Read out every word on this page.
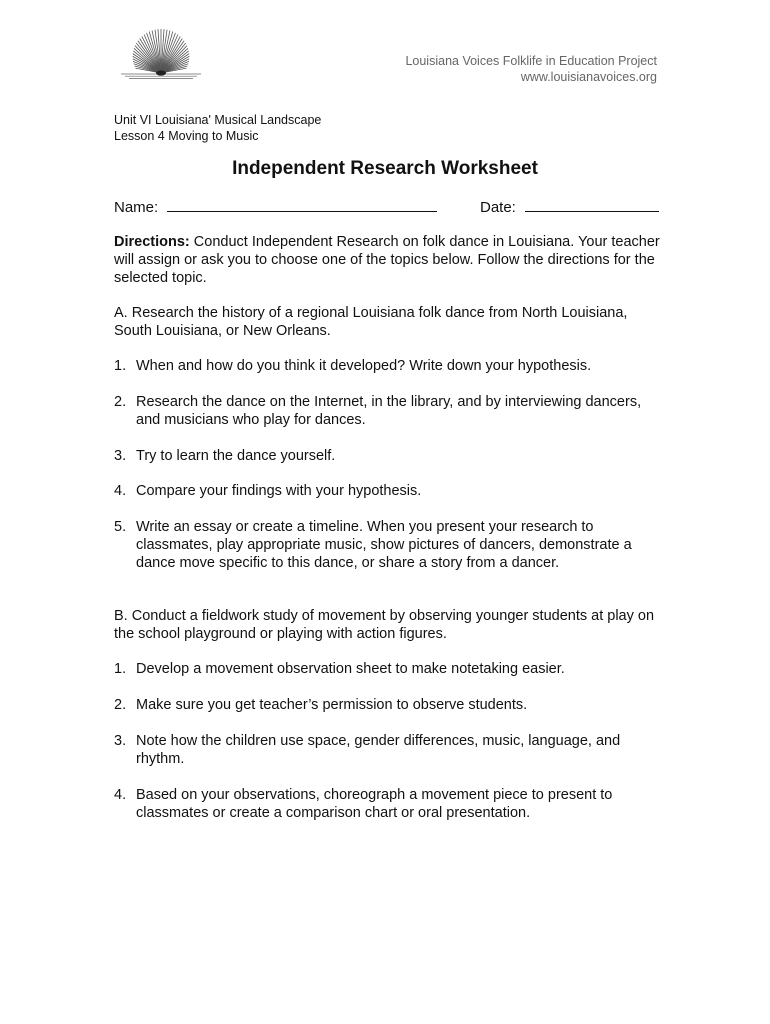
Louisiana Voices Folklife in Education Project
www.louisianavoices.org
Unit VI Louisiana' Musical Landscape
Lesson 4 Moving to Music
Independent Research Worksheet
Name:	Date:

Directions: Conduct Independent Research on folk dance in Louisiana. Your teacher will assign or ask you to choose one of the topics below. Follow the directions for the selected topic.

A. Research the history of a regional Louisiana folk dance from North Louisiana, South Louisiana, or New Orleans.

1. When and how do you think it developed? Write down your hypothesis.
2. Research the dance on the Internet, in the library, and by interviewing dancers, and musicians who play for dances.
3. Try to learn the dance yourself.
4. Compare your findings with your hypothesis.
5. Write an essay or create a timeline. When you present your research to classmates, play appropriate music, show pictures of dancers, demonstrate a dance move specific to this dance, or share a story from a dancer.

B. Conduct a fieldwork study of movement by observing younger students at play on the school playground or playing with action figures.

1. Develop a movement observation sheet to make notetaking easier.
2. Make sure you get teacher’s permission to observe students.
3. Note how the children use space, gender differences, music, language, and rhythm.
4. Based on your observations, choreograph a movement piece to present to classmates or create a comparison chart or oral presentation.
